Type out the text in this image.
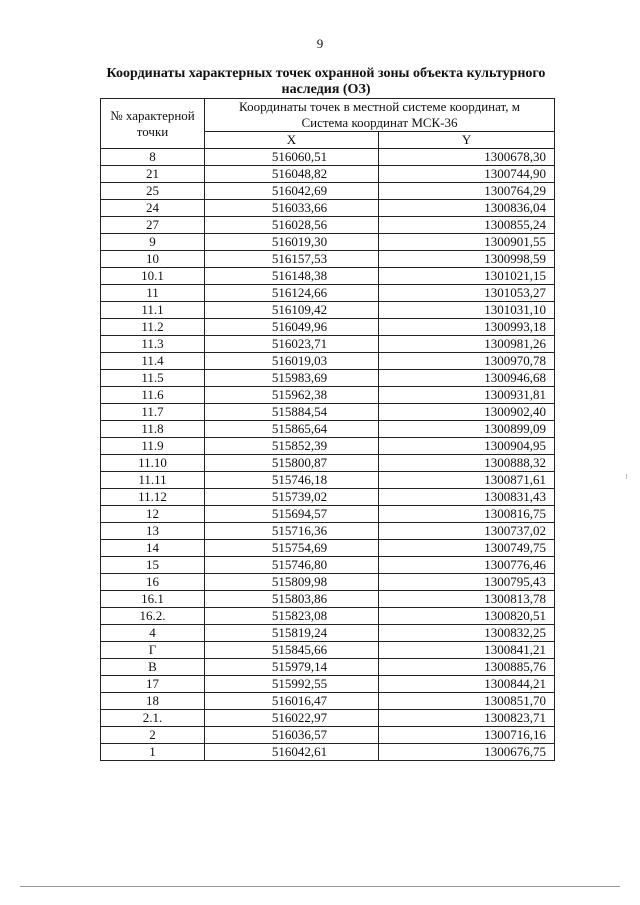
9
Координаты характерных точек охранной зоны объекта культурного наследия (ОЗ)
№ характерной точки	Координаты точек в местной системе координат, м
Система координат МСК-36	

	X	Y
8	516060,51	1300678,30
21	516048,82	1300744,90
25	516042,69	1300764,29
24	516033,66	1300836,04
27	516028,56	1300855,24
9	516019,30	1300901,55
10	516157,53	1300998,59
10.1	516148,38	1301021,15
11	516124,66	1301053,27
11.1	516109,42	1301031,10
11.2	516049,96	1300993,18
11.3	516023,71	1300981,26
11.4	516019,03	1300970,78
11.5	515983,69	1300946,68
11.6	515962,38	1300931,81
11.7	515884,54	1300902,40
11.8	515865,64	1300899,09
11.9	515852,39	1300904,95
11.10	515800,87	1300888,32
11.11	515746,18	1300871,61
11.12	515739,02	1300831,43
12	515694,57	1300816,75
13	515716,36	1300737,02
14	515754,69	1300749,75
15	515746,80	1300776,46
16	515809,98	1300795,43
16.1	515803,86	1300813,78
16.2.	515823,08	1300820,51
4	515819,24	1300832,25
Г	515845,66	1300841,21
В	515979,14	1300885,76
17	515992,55	1300844,21
18	516016,47	1300851,70
2.1.	516022,97	1300823,71
2	516036,57	1300716,16
1	516042,61	1300676,75
